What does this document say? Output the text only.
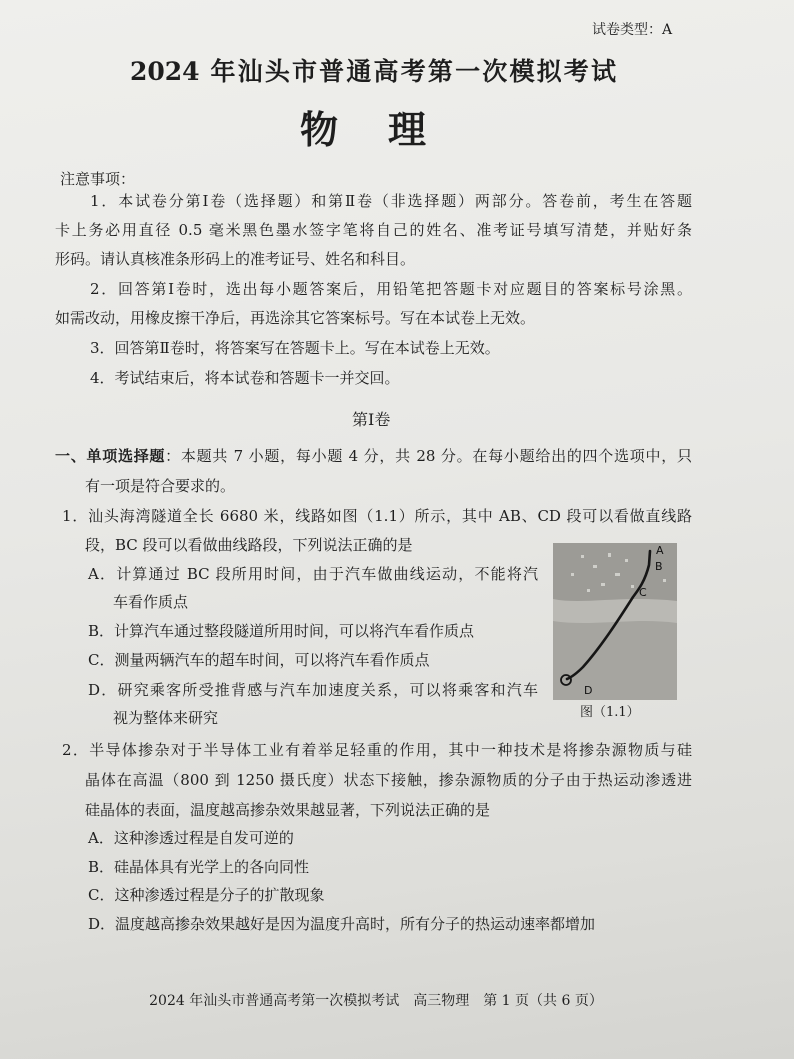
试卷类型：A
2024 年汕头市普通高考第一次模拟考试
物　理
注意事项：
1．本试卷分第Ⅰ卷（选择题）和第Ⅱ卷（非选择题）两部分。答卷前，考生在答题
卡上务必用直径 0.5 毫米黑色墨水签字笔将自己的姓名、准考证号填写清楚，并贴好条
形码。请认真核准条形码上的准考证号、姓名和科目。
2．回答第Ⅰ卷时，选出每小题答案后，用铅笔把答题卡对应题目的答案标号涂黑。
如需改动，用橡皮擦干净后，再选涂其它答案标号。写在本试卷上无效。
3．回答第Ⅱ卷时，将答案写在答题卡上。写在本试卷上无效。
4．考试结束后，将本试卷和答题卡一并交回。
第Ⅰ卷
一、单项选择题：本题共 7 小题，每小题 4 分，共 28 分。在每小题给出的四个选项中，只
有一项是符合要求的。
1．汕头海湾隧道全长 6680 米，线路如图（1.1）所示，其中 AB、CD 段可以看做直线路
段，BC 段可以看做曲线路段，下列说法正确的是
A．计算通过 BC 段所用时间，由于汽车做曲线运动，不能将汽
车看作质点
B．计算汽车通过整段隧道所用时间，可以将汽车看作质点
C．测量两辆汽车的超车时间，可以将汽车看作质点
D．研究乘客所受推背感与汽车加速度关系，可以将乘客和汽车
视为整体来研究
A
B
C
D
图（1.1）
2．半导体掺杂对于半导体工业有着举足轻重的作用，其中一种技术是将掺杂源物质与硅
晶体在高温（800 到 1250 摄氏度）状态下接触，掺杂源物质的分子由于热运动渗透进
硅晶体的表面，温度越高掺杂效果越显著，下列说法正确的是
A．这种渗透过程是自发可逆的
B．硅晶体具有光学上的各向同性
C．这种渗透过程是分子的扩散现象
D．温度越高掺杂效果越好是因为温度升高时，所有分子的热运动速率都增加
2024 年汕头市普通高考第一次模拟考试　高三物理　第 1 页（共 6 页）
